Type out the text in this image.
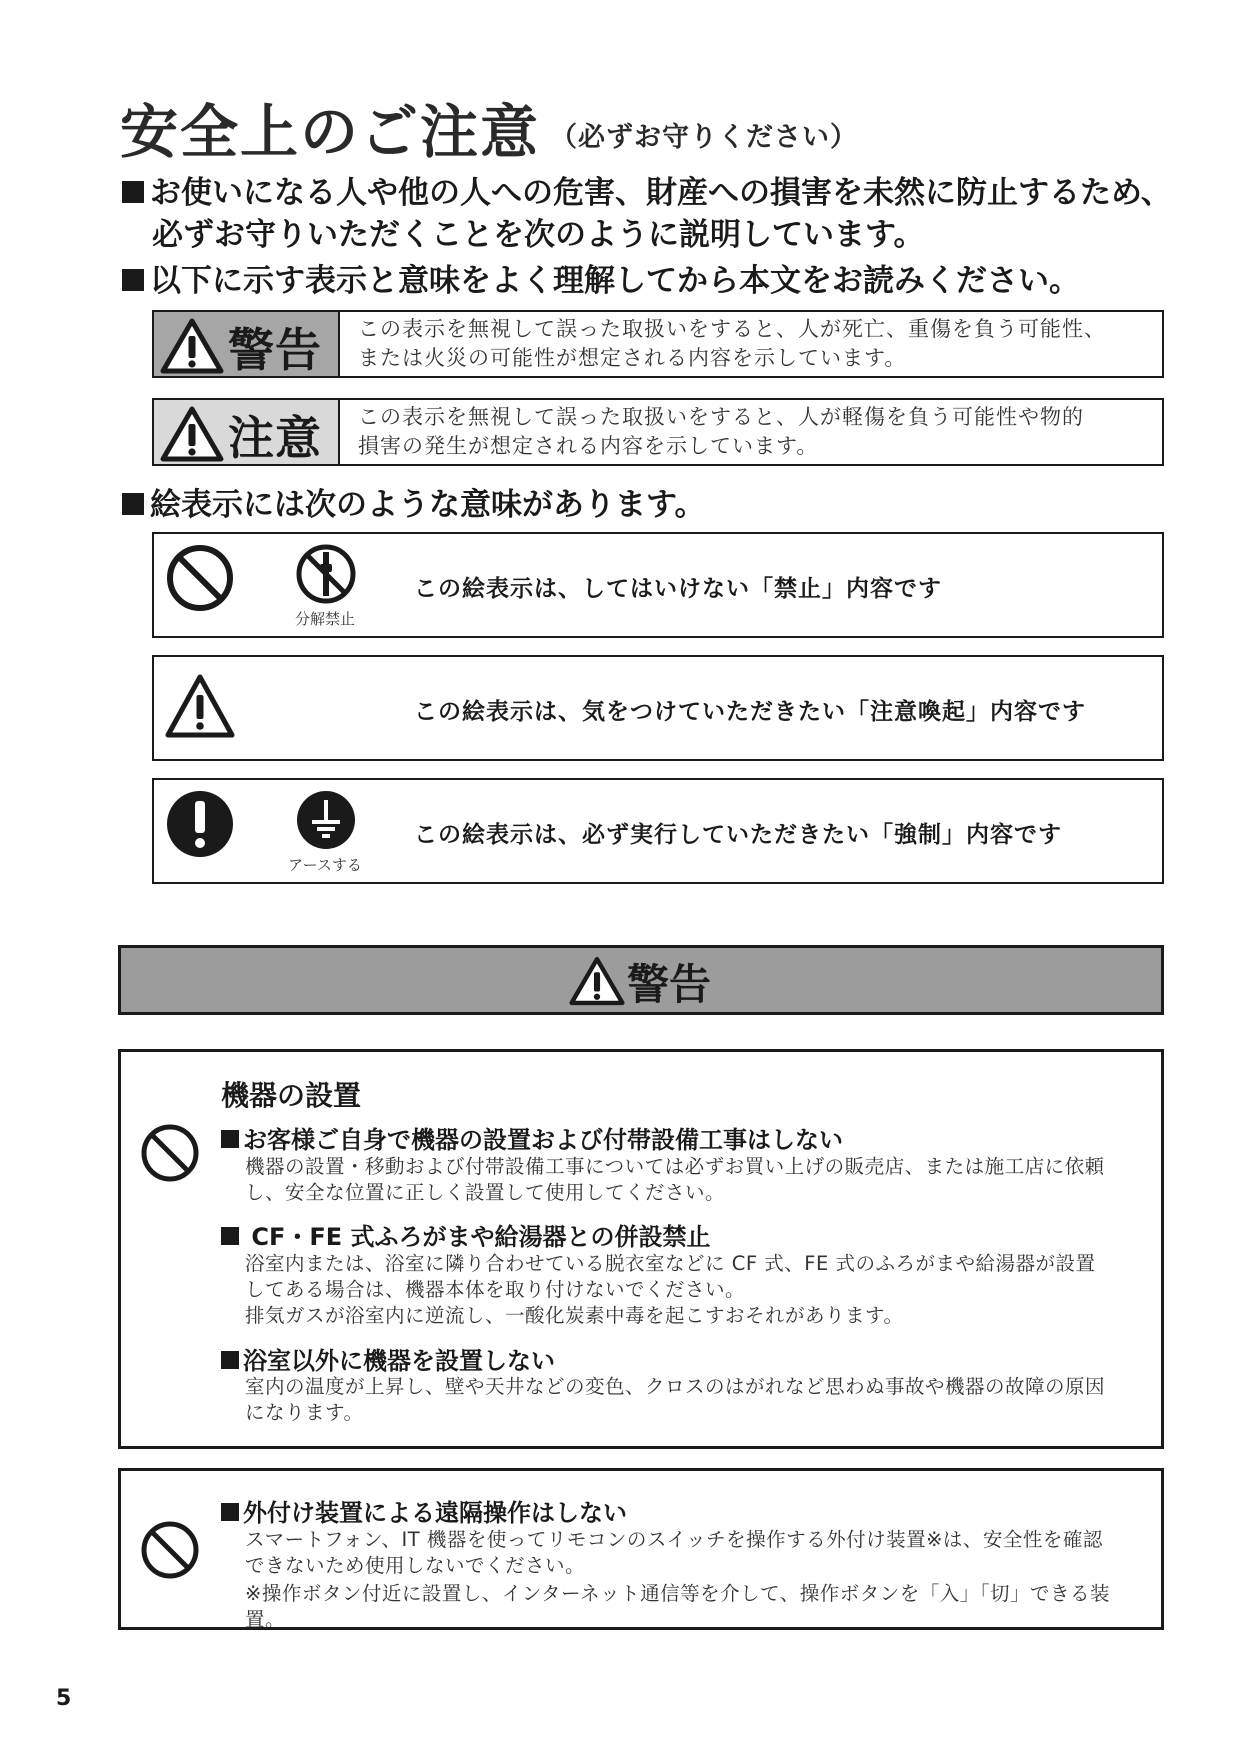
安全上のご注意 $^{(必ずお守りください)}$
お使いになる人や他の人への危害、財産への損害を未然に防止するため、
必ずお守りいただくことを次のように説明しています。
以下に示す表示と意味をよく理解してから本文をお読みください。
警告 この表示を無視して誤った取扱いをすると、人が死亡、重傷を負う可能性、
または火災の可能性が想定される内容を示しています。
注意 この表示を無視して誤った取扱いをすると、人が軽傷を負う可能性や物的
損害の発生が想定される内容を示しています。
絵表示には次のような意味があります。
分解禁止
この絵表示は、してはいけない「禁止」内容です
この絵表示は、気をつけていただきたい「注意喚起」内容です
アースする
この絵表示は、必ず実行していただきたい「強制」内容です
警告
機器の設置
お客様ご自身で機器の設置および付帯設備工事はしない
機器の設置・移動および付帯設備工事については必ずお買い上げの販売店、または施工店に依頼
し、安全な位置に正しく設置して使用してください。
CF・FE 式ふろがまや給湯器との併設禁止
浴室内または、浴室に隣り合わせている脱衣室などに CF 式、FE 式のふろがまや給湯器が設置
してある場合は、機器本体を取り付けないでください。
排気ガスが浴室内に逆流し、一酸化炭素中毒を起こすおそれがあります。
浴室以外に機器を設置しない
室内の温度が上昇し、壁や天井などの変色、クロスのはがれなど思わぬ事故や機器の故障の原因
になります。
外付け装置による遠隔操作はしない
スマートフォン、IT 機器を使ってリモコンのスイッチを操作する外付け装置※は、安全性を確認
できないため使用しないでください。
※操作ボタン付近に設置し、インターネット通信等を介して、操作ボタンを「入」「切」できる装置。
5
